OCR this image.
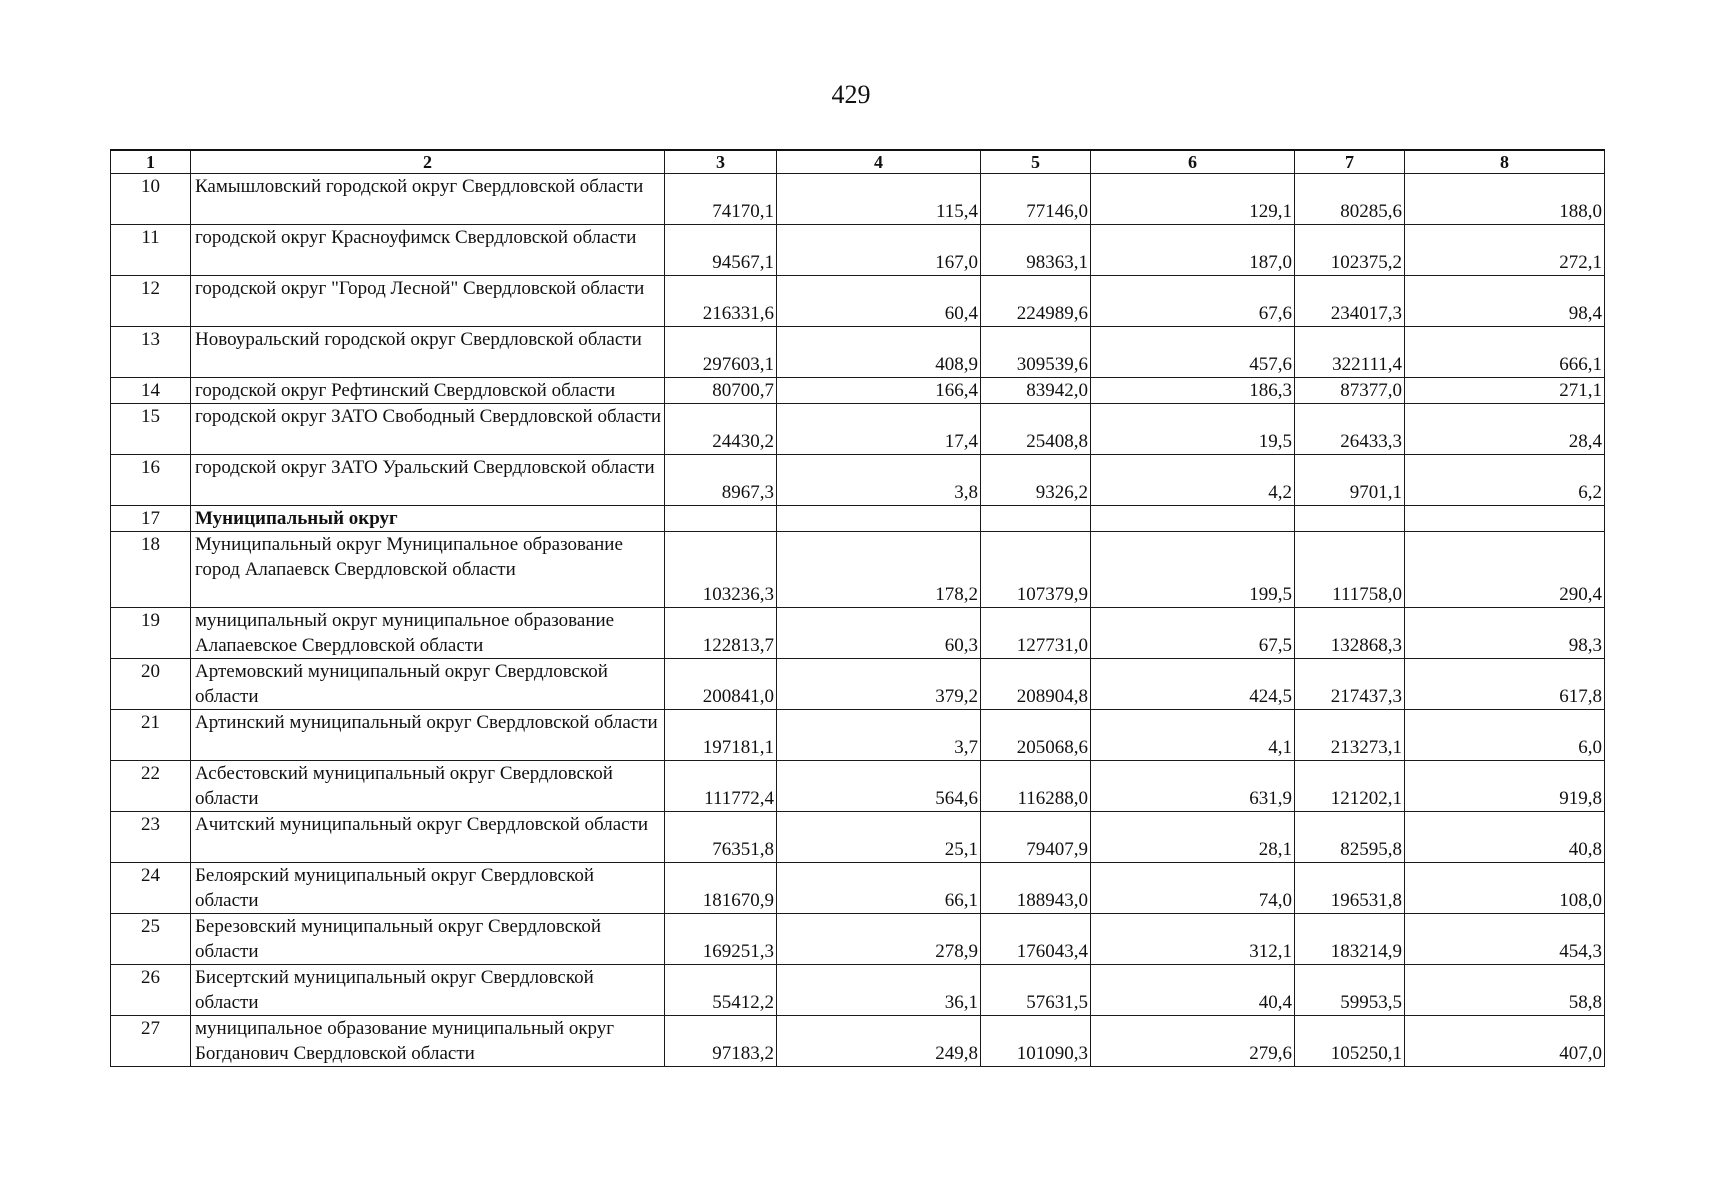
429
1	2	3	4	5	6	7	8
10	Камышловский городской округ Свердловской области	74170,1	115,4	77146,0	129,1	80285,6	188,0
11	городской округ Красноуфимск Свердловской области	94567,1	167,0	98363,1	187,0	102375,2	272,1
12	городской округ "Город Лесной" Свердловской области	216331,6	60,4	224989,6	67,6	234017,3	98,4
13	Новоуральский городской округ Свердловской области	297603,1	408,9	309539,6	457,6	322111,4	666,1
14	городской округ Рефтинский Свердловской области	80700,7	166,4	83942,0	186,3	87377,0	271,1
15	городской округ ЗАТО Свободный Свердловской области	24430,2	17,4	25408,8	19,5	26433,3	28,4
16	городской округ ЗАТО Уральский Свердловской области	8967,3	3,8	9326,2	4,2	9701,1	6,2
17	Муниципальный округ						
18	Муниципальный округ Муниципальное образование город Алапаевск Свердловской области	103236,3	178,2	107379,9	199,5	111758,0	290,4
19	муниципальный округ муниципальное образование Алапаевское Свердловской области	122813,7	60,3	127731,0	67,5	132868,3	98,3
20	Артемовский муниципальный округ Свердловской области	200841,0	379,2	208904,8	424,5	217437,3	617,8
21	Артинский муниципальный округ Свердловской области	197181,1	3,7	205068,6	4,1	213273,1	6,0
22	Асбестовский муниципальный округ Свердловской области	111772,4	564,6	116288,0	631,9	121202,1	919,8
23	Ачитский муниципальный округ Свердловской области	76351,8	25,1	79407,9	28,1	82595,8	40,8
24	Белоярский муниципальный округ Свердловской области	181670,9	66,1	188943,0	74,0	196531,8	108,0
25	Березовский муниципальный округ Свердловской области	169251,3	278,9	176043,4	312,1	183214,9	454,3
26	Бисертский муниципальный округ Свердловской области	55412,2	36,1	57631,5	40,4	59953,5	58,8
27	муниципальное образование муниципальный округ Богданович Свердловской области	97183,2	249,8	101090,3	279,6	105250,1	407,0
